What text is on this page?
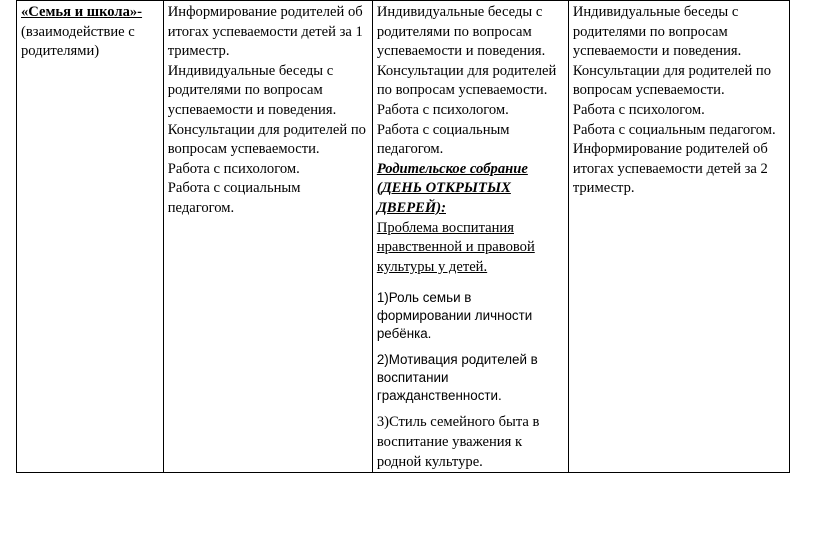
«Семья и школа»-
(взаимодействие с родителями)

Информирование родителей об итогах успеваемости детей за 1 триместр.
Индивидуальные беседы с родителями по вопросам успеваемости и поведения.
Консультации для родителей по вопросам успеваемости.
Работа с психологом.
Работа с социальным педагогом.

Индивидуальные беседы с родителями по вопросам успеваемости и поведения.
Консультации для родителей по вопросам успеваемости.
Работа с психологом.
Работа с социальным педагогом.
Родительское собрание (ДЕНЬ ОТКРЫТЫХ ДВЕРЕЙ):
Проблема воспитания нравственной и правовой культуры у детей.
1)Роль семьи в формировании личности ребёнка.
2)Мотивация родителей в воспитании гражданственности.
3)Стиль семейного быта в воспитание уважения к родной культуре.

Индивидуальные беседы с родителями по вопросам успеваемости и поведения.
Консультации для родителей по вопросам успеваемости.
Работа с психологом.
Работа с социальным педагогом.
Информирование родителей об итогах успеваемости детей за 2 триместр.
